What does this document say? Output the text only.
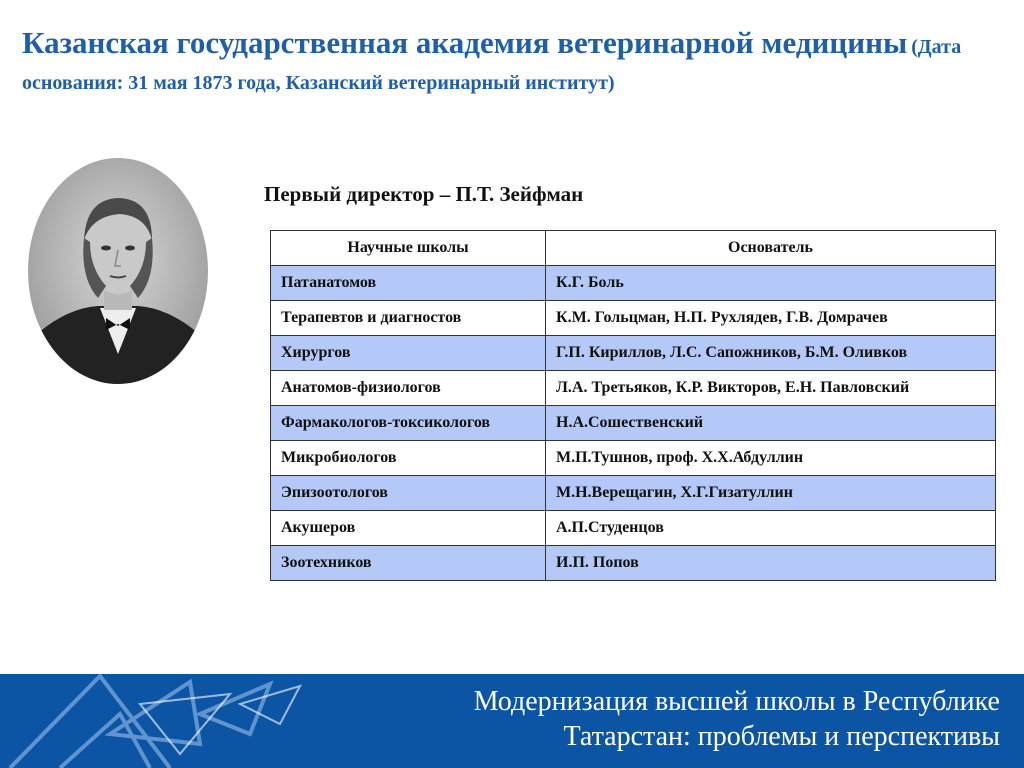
Казанская государственная академия ветеринарной медицины (Дата основания: 31 мая 1873 года, Казанский ветеринарный институт)
Первый директор – П.Т. Зейфман
Научные школы	Основатель
Патанатомов	К.Г. Боль
Терапевтов и диагностов	К.М. Гольцман, Н.П. Рухлядев, Г.В. Домрачев
Хирургов	Г.П. Кириллов, Л.С. Сапожников, Б.М. Оливков
Анатомов-физиологов	Л.А. Третьяков, К.Р. Викторов, Е.Н. Павловский
Фармакологов-токсикологов	Н.А.Сошественский
Микробиологов	М.П.Тушнов, проф. Х.Х.Абдуллин
Эпизоотологов	М.Н.Верещагин, Х.Г.Гизатуллин
Акушеров	А.П.Студенцов
Зоотехников	И.П. Попов
Модернизация высшей школы в Республике
Татарстан: проблемы и перспективы
